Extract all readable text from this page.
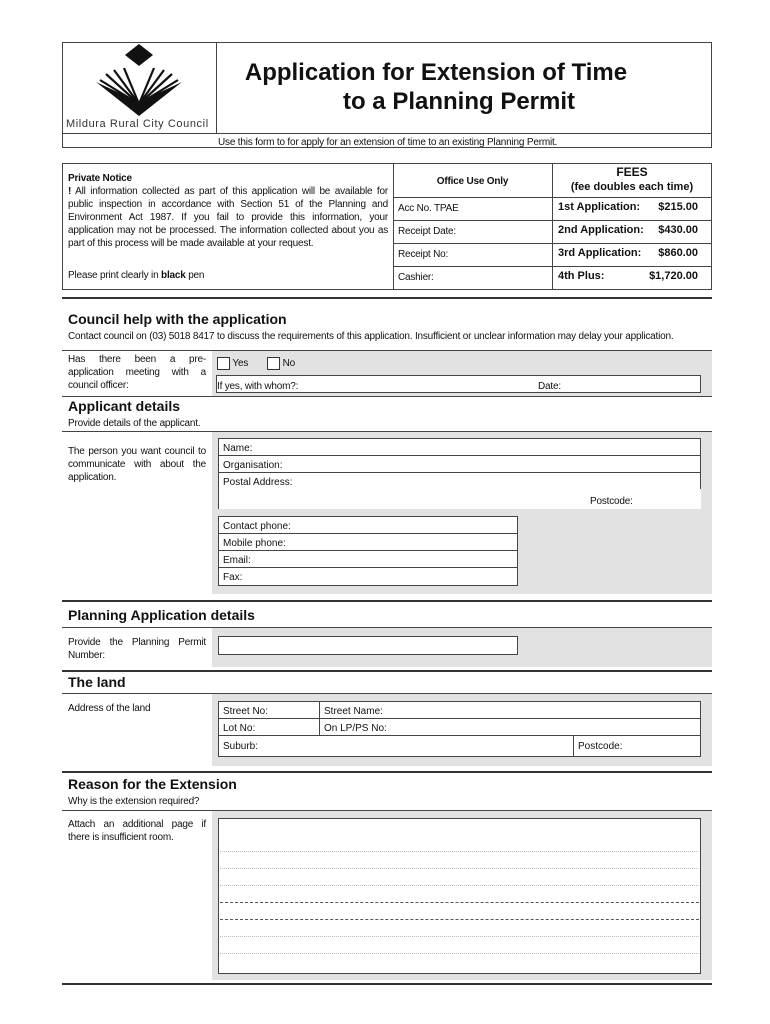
Mildura Rural City Council
Application for Extension of Time
to a Planning Permit
Use this form to for apply for an extension of time to an existing Planning Permit.
Private Notice
! All information collected as part of this application will be available for public inspection in accordance with Section 51 of the Planning and Environment Act 1987. If you fail to provide this information, your application may not be processed. The information collected about you as part of this process will be made available at your request.
Please print clearly in black pen
Office Use Only
Acc No. TPAE
Receipt Date:
Receipt No:
Cashier:
FEES
(fee doubles each time)
1st Application:	$215.00
2nd Application:	$430.00
3rd Application:	$860.00
4th Plus:	$1,720.00
Council help with the application
Contact council on (03) 5018 8417 to discuss the requirements of this application. Insufficient or unclear information may delay your application.
Has there been a pre-application meeting with a council officer:
Yes	No
If yes, with whom?:	Date:
Applicant details
Provide details of the applicant.
The person you want council to communicate with about the application.
Name:
Organisation:
Postal Address:
Postcode:
Contact phone:
Mobile phone:
Email:
Fax:
Planning Application details
Provide the Planning Permit Number:
The land
Address of the land	Street No:	Street Name:
Lot No:	On LP/PS No:
Suburb:	Postcode:
Reason for the Extension
Why is the extension required?
Attach an additional page if there is insufficient room.
